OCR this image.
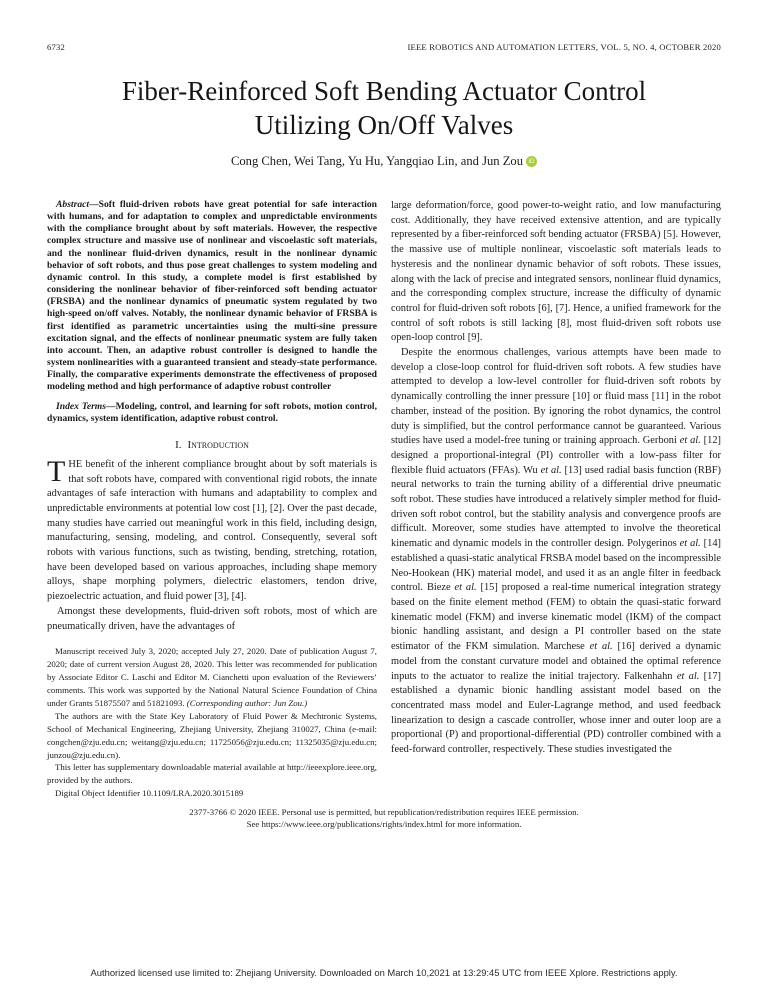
6732	IEEE ROBOTICS AND AUTOMATION LETTERS, VOL. 5, NO. 4, OCTOBER 2020
Fiber-Reinforced Soft Bending Actuator Control
Utilizing On/Off Valves
Cong Chen, Wei Tang, Yu Hu, Yangqiao Lin, and Jun Zou iD

Abstract—Soft fluid-driven robots have great potential for safe interaction with humans, and for adaptation to complex and unpredictable environments with the compliance brought about by soft materials. However, the respective complex structure and massive use of nonlinear and viscoelastic soft materials, and the nonlinear fluid-driven dynamics, result in the nonlinear dynamic behavior of soft robots, and thus pose great challenges to system modeling and dynamic control. In this study, a complete model is first established by considering the nonlinear behavior of fiber-reinforced soft bending actuator (FRSBA) and the nonlinear dynamics of pneumatic system regulated by two high-speed on/off valves. Notably, the nonlinear dynamic behavior of FRSBA is first identified as parametric uncertainties using the multi-sine pressure excitation signal, and the effects of nonlinear pneumatic system are fully taken into account. Then, an adaptive robust controller is designed to handle the system nonlinearities with a guaranteed transient and steady-state performance. Finally, the comparative experiments demonstrate the effectiveness of proposed modeling method and high performance of adaptive robust controller

Index Terms—Modeling, control, and learning for soft robots, motion control, dynamics, system identification, adaptive robust control.

I. Introduction

THE benefit of the inherent compliance brought about by soft materials is that soft robots have, compared with conventional rigid robots, the innate advantages of safe interaction with humans and adaptability to complex and unpredictable environments at potential low cost [1], [2]. Over the past decade, many studies have carried out meaningful work in this field, including design, manufacturing, sensing, modeling, and control. Consequently, several soft robots with various functions, such as twisting, bending, stretching, rotation, have been developed based on various approaches, including shape memory alloys, shape morphing polymers, dielectric elastomers, tendon drive, piezoelectric actuation, and fluid power [3], [4].

Amongst these developments, fluid-driven soft robots, most of which are pneumatically driven, have the advantages of

Manuscript received July 3, 2020; accepted July 27, 2020. Date of publication August 7, 2020; date of current version August 28, 2020. This letter was recommended for publication by Associate Editor C. Laschi and Editor M. Cianchetti upon evaluation of the Reviewers’ comments. This work was supported by the National Natural Science Foundation of China under Grants 51875507 and 51821093. (Corresponding author: Jun Zou.)

The authors are with the State Key Laboratory of Fluid Power & Mechtronic Systems, School of Mechanical Engineering, Zhejiang University, Zhejiang 310027, China (e-mail: congchen@zju.edu.cn; weitang@zju.edu.cn; 11725056@zju.edu.cn; 11325035@zju.edu.cn; junzou@zju.edu.cn).

This letter has supplementary downloadable material available at http://ieeexplore.ieee.org, provided by the authors.

Digital Object Identifier 10.1109/LRA.2020.3015189

large deformation/force, good power-to-weight ratio, and low manufacturing cost. Additionally, they have received extensive attention, and are typically represented by a fiber-reinforced soft bending actuator (FRSBA) [5]. However, the massive use of multiple nonlinear, viscoelastic soft materials leads to hysteresis and the nonlinear dynamic behavior of soft robots. These issues, along with the lack of precise and integrated sensors, nonlinear fluid dynamics, and the corresponding complex structure, increase the difficulty of dynamic control for fluid-driven soft robots [6], [7]. Hence, a unified framework for the control of soft robots is still lacking [8], most fluid-driven soft robots use open-loop control [9].

Despite the enormous challenges, various attempts have been made to develop a close-loop control for fluid-driven soft robots. A few studies have attempted to develop a low-level controller for fluid-driven soft robots by dynamically controlling the inner pressure [10] or fluid mass [11] in the robot chamber, instead of the position. By ignoring the robot dynamics, the control duty is simplified, but the control performance cannot be guaranteed. Various studies have used a model-free tuning or training approach. Gerboni et al. [12] designed a proportional-integral (PI) controller with a low-pass filter for flexible fluid actuators (FFAs). Wu et al. [13] used radial basis function (RBF) neural networks to train the turning ability of a differential drive pneumatic soft robot. These studies have introduced a relatively simpler method for fluid-driven soft robot control, but the stability analysis and convergence proofs are difficult. Moreover, some studies have attempted to involve the theoretical kinematic and dynamic models in the controller design. Polygerinos et al. [14] established a quasi-static analytical FRSBA model based on the incompressible Neo-Hookean (HK) material model, and used it as an angle filter in feedback control. Bieze et al. [15] proposed a real-time numerical integration strategy based on the finite element method (FEM) to obtain the quasi-static forward kinematic model (FKM) and inverse kinematic model (IKM) of the compact bionic handling assistant, and design a PI controller based on the state estimator of the FKM simulation. Marchese et al. [16] derived a dynamic model from the constant curvature model and obtained the optimal reference inputs to the actuator to realize the initial trajectory. Falkenhahn et al. [17] established a dynamic bionic handling assistant model based on the concentrated mass model and Euler-Lagrange method, and used feedback linearization to design a cascade controller, whose inner and outer loop are a proportional (P) and proportional-differential (PD) controller combined with a feed-forward controller, respectively. These studies investigated the

2377-3766 © 2020 IEEE. Personal use is permitted, but republication/redistribution requires IEEE permission.
See https://www.ieee.org/publications/rights/index.html for more information.
Authorized licensed use limited to: Zhejiang University. Downloaded on March 10,2021 at 13:29:45 UTC from IEEE Xplore. Restrictions apply.
